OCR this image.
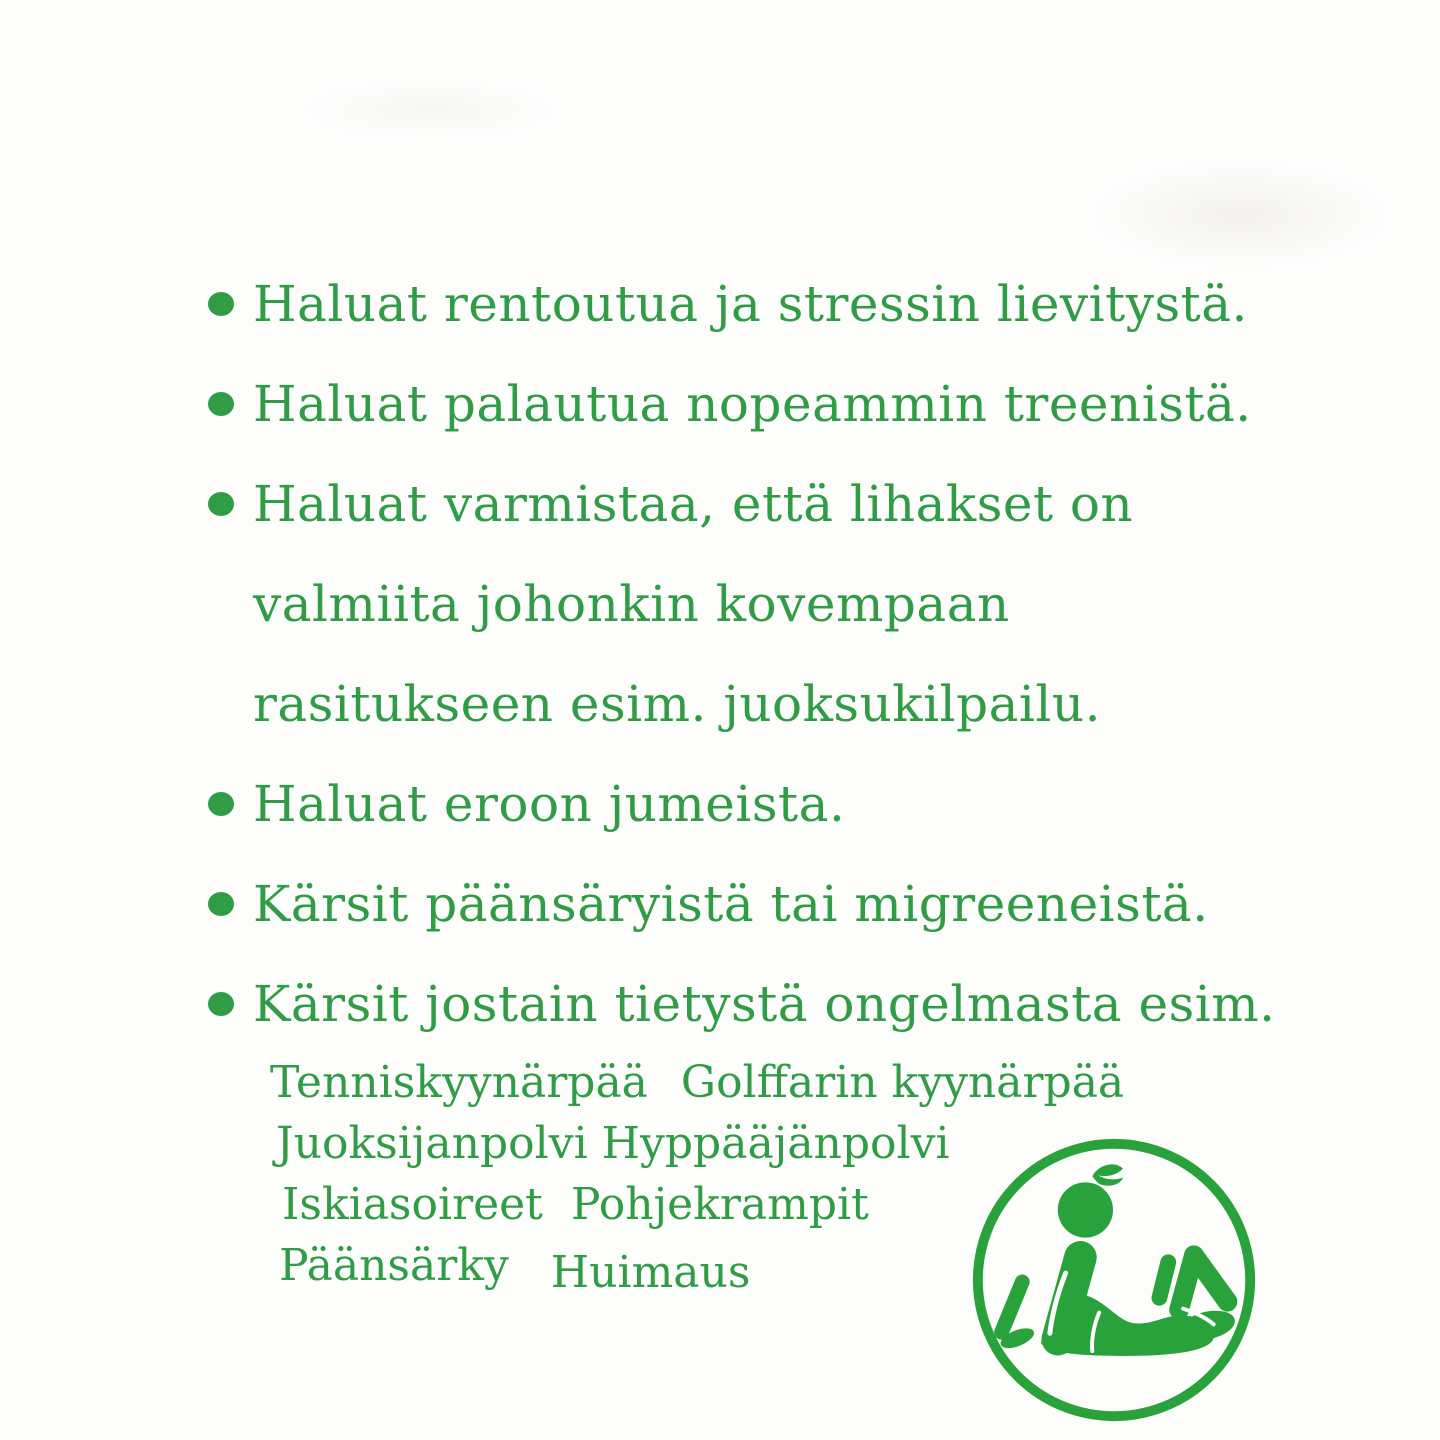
Haluat rentoutua ja stressin lievitystä.
Haluat palautua nopeammin treenistä.
Haluat varmistaa, että lihakset on
valmiita johonkin kovempaan
rasitukseen esim. juoksukilpailu.
Haluat eroon jumeista.
Kärsit päänsäryistä tai migreeneistä.
Kärsit jostain tietystä ongelmasta esim.
Tenniskyynärpää Golffarin kyynärpää
Juoksijanpolvi Hyppääjänpolvi
Iskiasoireet Pohjekrampit
Päänsärky Huimaus
